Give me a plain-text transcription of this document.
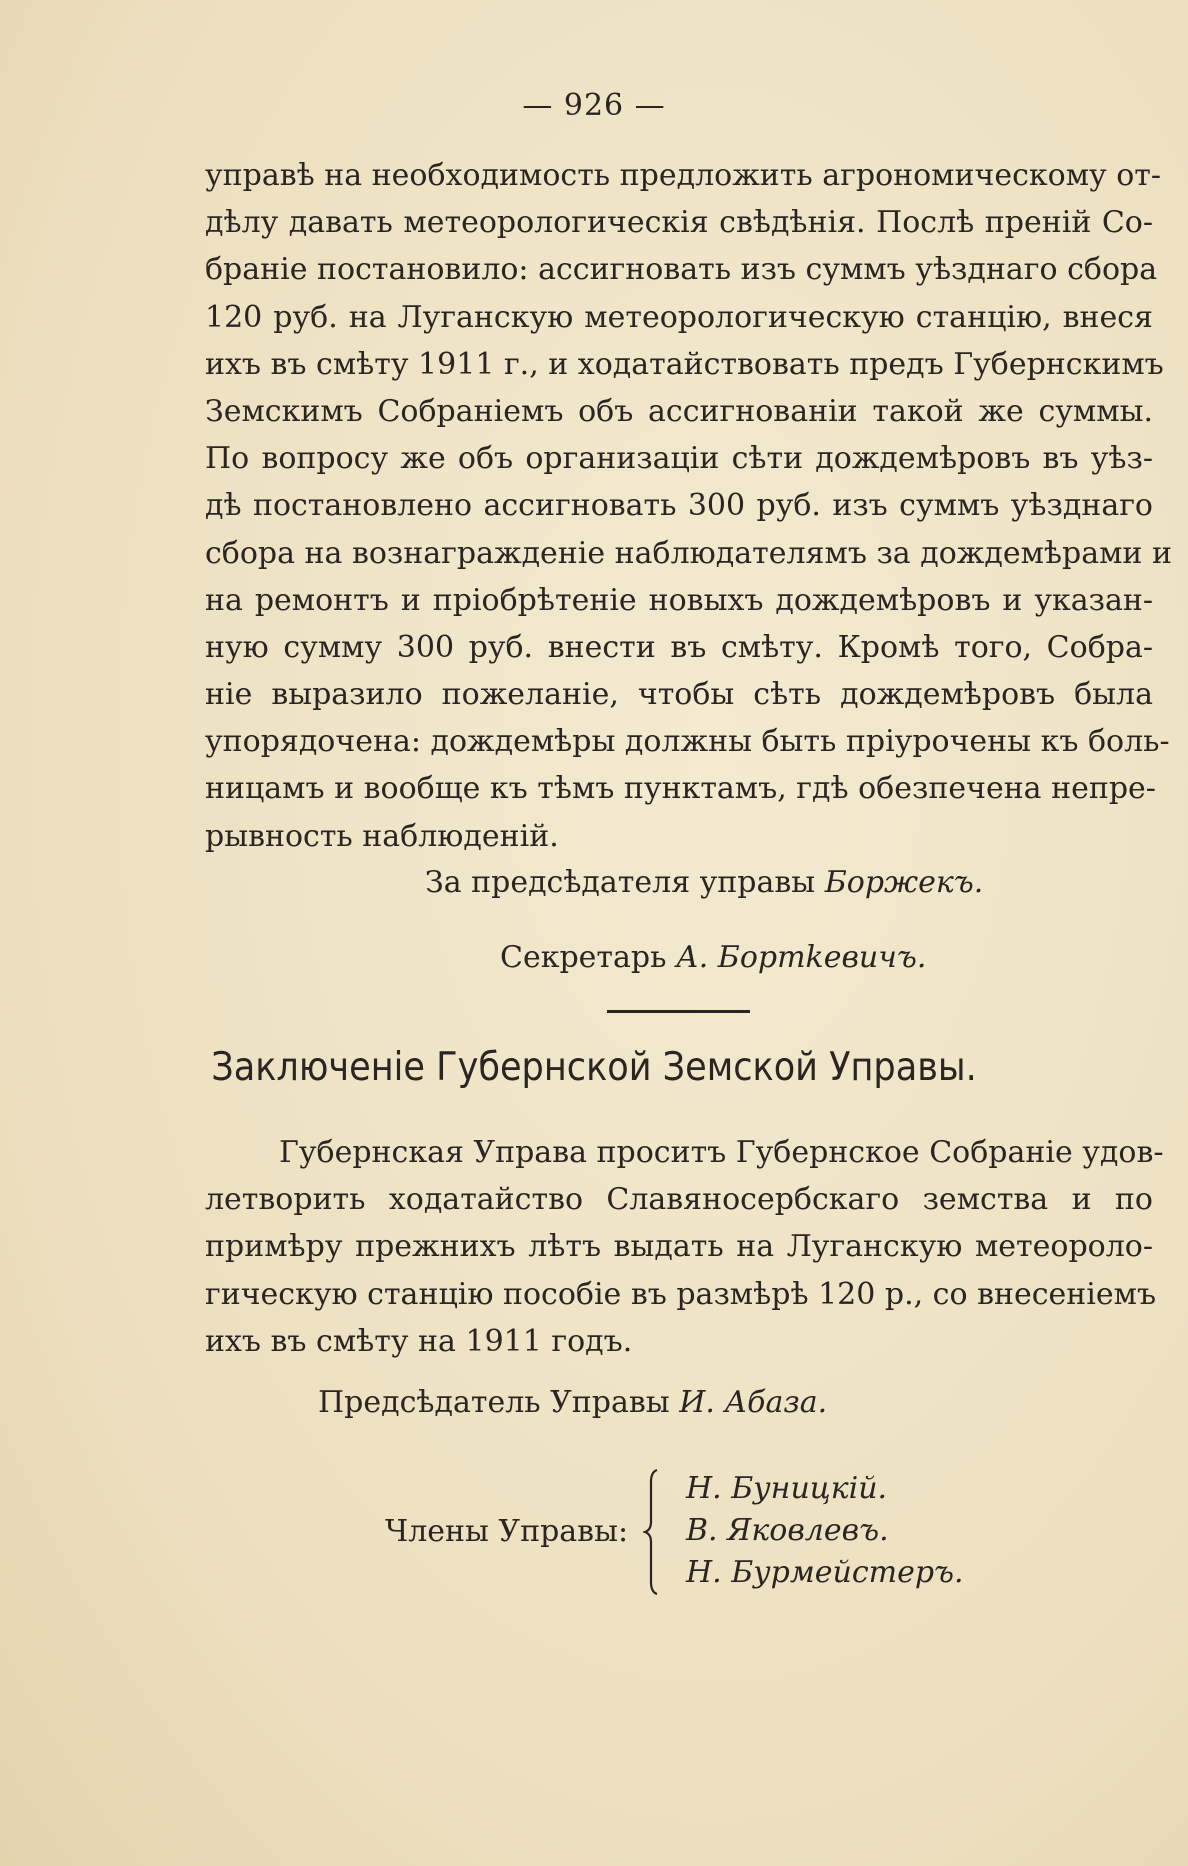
— 926 —
управѣ на необходимость предложить агрономическому от-
дѣлу давать метеорологическія свѣдѣнія. Послѣ преній Со-
браніе постановило: ассигновать изъ суммъ уѣзднаго сбора
120 руб. на Луганскую метеорологическую станцію, внеся
ихъ въ смѣту 1911 г., и ходатайствовать предъ Губернскимъ
Земскимъ Собраніемъ объ ассигнованіи такой же суммы.
По вопросу же объ организаціи сѣти дождемѣровъ въ уѣз-
дѣ постановлено ассигновать 300 руб. изъ суммъ уѣзднаго
сбора на вознагражденіе наблюдателямъ за дождемѣрами и
на ремонтъ и пріобрѣтеніе новыхъ дождемѣровъ и указан-
ную сумму 300 руб. внести въ смѣту. Кромѣ того, Собра-
ніе выразило пожеланіе, чтобы сѣть дождемѣровъ была
упорядочена: дождемѣры должны быть пріурочены къ боль-
ницамъ и вообще къ тѣмъ пунктамъ, гдѣ обезпечена непре-
рывность наблюденій.
За предсѣдателя управы Боржекъ.
Секретарь А. Бортkевичъ.
Заключеніе Губернской Земской Управы.
Губернская Управа проситъ Губернское Собраніе удов-
летворить ходатайство Славяносербскаго земства и по
примѣру прежнихъ лѣтъ выдать на Луганскую метеороло-
гическую станцію пособіе въ размѣрѣ 120 р., со внесеніемъ
ихъ въ смѣту на 1911 годъ.
Предсѣдатель Управы И. Абаза.
Члены Управы:
Н. Буницкій.
В. Яковлевъ.
Н. Бурмейстеръ.
